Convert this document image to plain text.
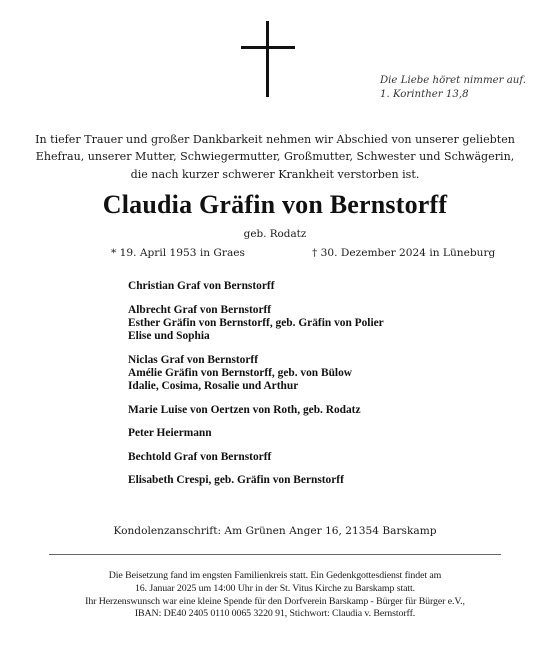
Die Liebe höret nimmer auf.
1. Korinther 13,8
In tiefer Trauer und großer Dankbarkeit nehmen wir Abschied von unserer geliebten
Ehefrau, unserer Mutter, Schwiegermutter, Großmutter, Schwester und Schwägerin,
die nach kurzer schwerer Krankheit verstorben ist.
Claudia Gräfin von Bernstorff
geb. Rodatz
* 19. April 1953 in Graes	† 30. Dezember 2024 in Lüneburg
Christian Graf von Bernstorff
Albrecht Graf von Bernstorff
Esther Gräfin von Bernstorff, geb. Gräfin von Polier
Elise und Sophia
Niclas Graf von Bernstorff
Amélie Gräfin von Bernstorff, geb. von Bülow
Idalie, Cosima, Rosalie und Arthur
Marie Luise von Oertzen von Roth, geb. Rodatz
Peter Heiermann
Bechtold Graf von Bernstorff
Elisabeth Crespi, geb. Gräfin von Bernstorff
Kondolenzanschrift: Am Grünen Anger 16, 21354 Barskamp
Die Beisetzung fand im engsten Familienkreis statt. Ein Gedenkgottesdienst findet am
16. Januar 2025 um 14:00 Uhr in der St. Vitus Kirche zu Barskamp statt.
Ihr Herzenswunsch war eine kleine Spende für den Dorfverein Barskamp - Bürger für Bürger e.V.,
IBAN: DE40 2405 0110 0065 3220 91, Stichwort: Claudia v. Bernstorff.
